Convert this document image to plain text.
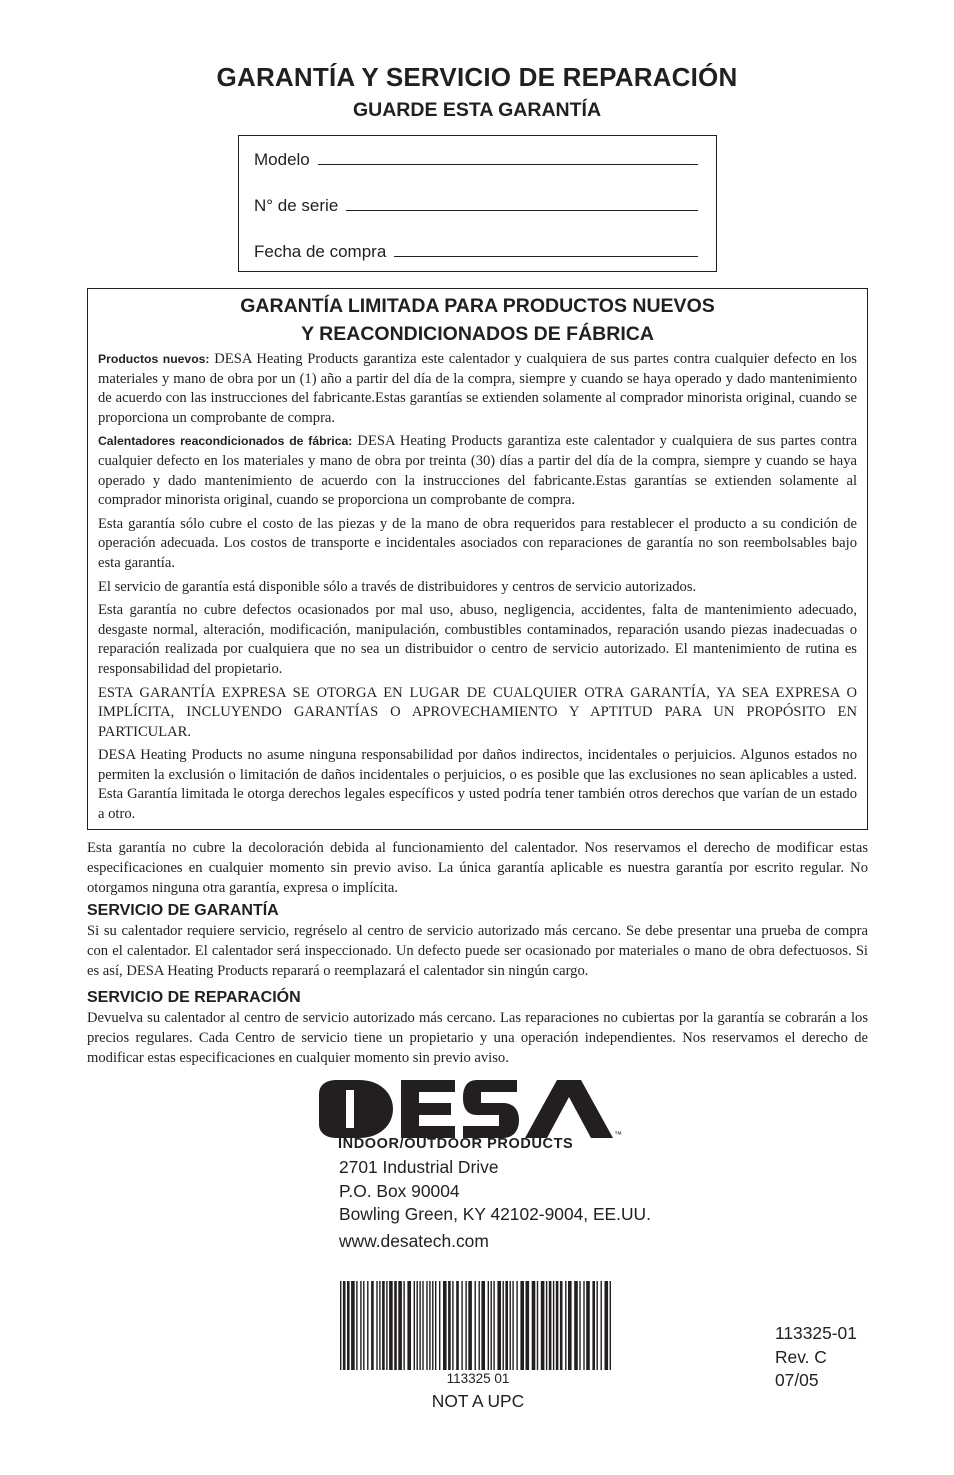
GARANTÍA Y SERVICIO DE REPARACIÓN
GUARDE ESTA GARANTÍA
Modelo
N° de serie
Fecha de compra
GARANTÍA LIMITADA PARA PRODUCTOS NUEVOS
Y REACONDICIONADOS DE FÁBRICA

Productos nuevos: DESA Heating Products garantiza este calentador y cualquiera de sus partes contra cualquier defecto en los materiales y mano de obra por un (1) año a partir del día de la compra, siempre y cuando se haya operado y dado mantenimiento de acuerdo con las instrucciones del fabricante.Estas garantías se extienden solamente al comprador minorista original, cuando se proporciona un comprobante de compra.

Calentadores reacondicionados de fábrica: DESA Heating Products garantiza este calentador y cualquiera de sus partes contra cualquier defecto en los materiales y mano de obra por treinta (30) días a partir del día de la compra, siempre y cuando se haya operado y dado mantenimiento de acuerdo con la instrucciones del fabricante.Estas garantías se extienden solamente al comprador minorista original, cuando se proporciona un comprobante de compra.

Esta garantía sólo cubre el costo de las piezas y de la mano de obra requeridos para restablecer el producto a su condición de operación adecuada. Los costos de transporte e incidentales asociados con reparaciones de garantía no son reembolsables bajo esta garantía.

El servicio de garantía está disponible sólo a través de distribuidores y centros de servicio autorizados.

Esta garantía no cubre defectos ocasionados por mal uso, abuso, negligencia, accidentes, falta de mantenimiento adecuado, desgaste normal, alteración, modificación, manipulación, combustibles contaminados, reparación usando piezas inadecuadas o reparación realizada por cualquiera que no sea un distribuidor o centro de servicio autorizado. El mantenimiento de rutina es responsabilidad del propietario.

ESTA GARANTÍA EXPRESA SE OTORGA EN LUGAR DE CUALQUIER OTRA GARANTÍA, YA SEA EXPRESA O IMPLÍCITA, INCLUYENDO GARANTÍAS O APROVECHAMIENTO Y APTITUD PARA UN PROPÓSITO EN PARTICULAR.

DESA Heating Products no asume ninguna responsabilidad por daños indirectos, incidentales o perjuicios. Algunos estados no permiten la exclusión o limitación de daños incidentales o perjuicios, o es posible que las exclusiones no sean aplicables a usted. Esta Garantía limitada le otorga derechos legales específicos y usted podría tener también otros derechos que varían de un estado a otro.

Esta garantía no cubre la decoloración debida al funcionamiento del calentador. Nos reservamos el derecho de modificar estas especificaciones en cualquier momento sin previo aviso. La única garantía aplicable es nuestra garantía por escrito regular. No otorgamos ninguna otra garantía, expresa o implícita.

SERVICIO DE GARANTÍA

Si su calentador requiere servicio, regréselo al centro de servicio autorizado más cercano. Se debe presentar una prueba de compra con el calentador. El calentador será inspeccionado. Un defecto puede ser ocasionado por materiales o mano de obra defectuosos. Si es así, DESA Heating Products reparará o reemplazará el calentador sin ningún cargo.

SERVICIO DE REPARACIÓN

Devuelva su calentador al centro de servicio autorizado más cercano. Las reparaciones no cubiertas por la garantía se cobrarán a los precios regulares. Cada Centro de servicio tiene un propietario y una operación independientes. Nos reservamos el derecho de modificar estas especificaciones en cualquier momento sin previo aviso.

™
INDOOR/OUTDOOR PRODUCTS
2701 Industrial Drive
P.O. Box 90004
Bowling Green, KY 42102-9004, EE.UU.
www.desatech.com
113325 01
NOT A UPC
113325-01
Rev. C
07/05
